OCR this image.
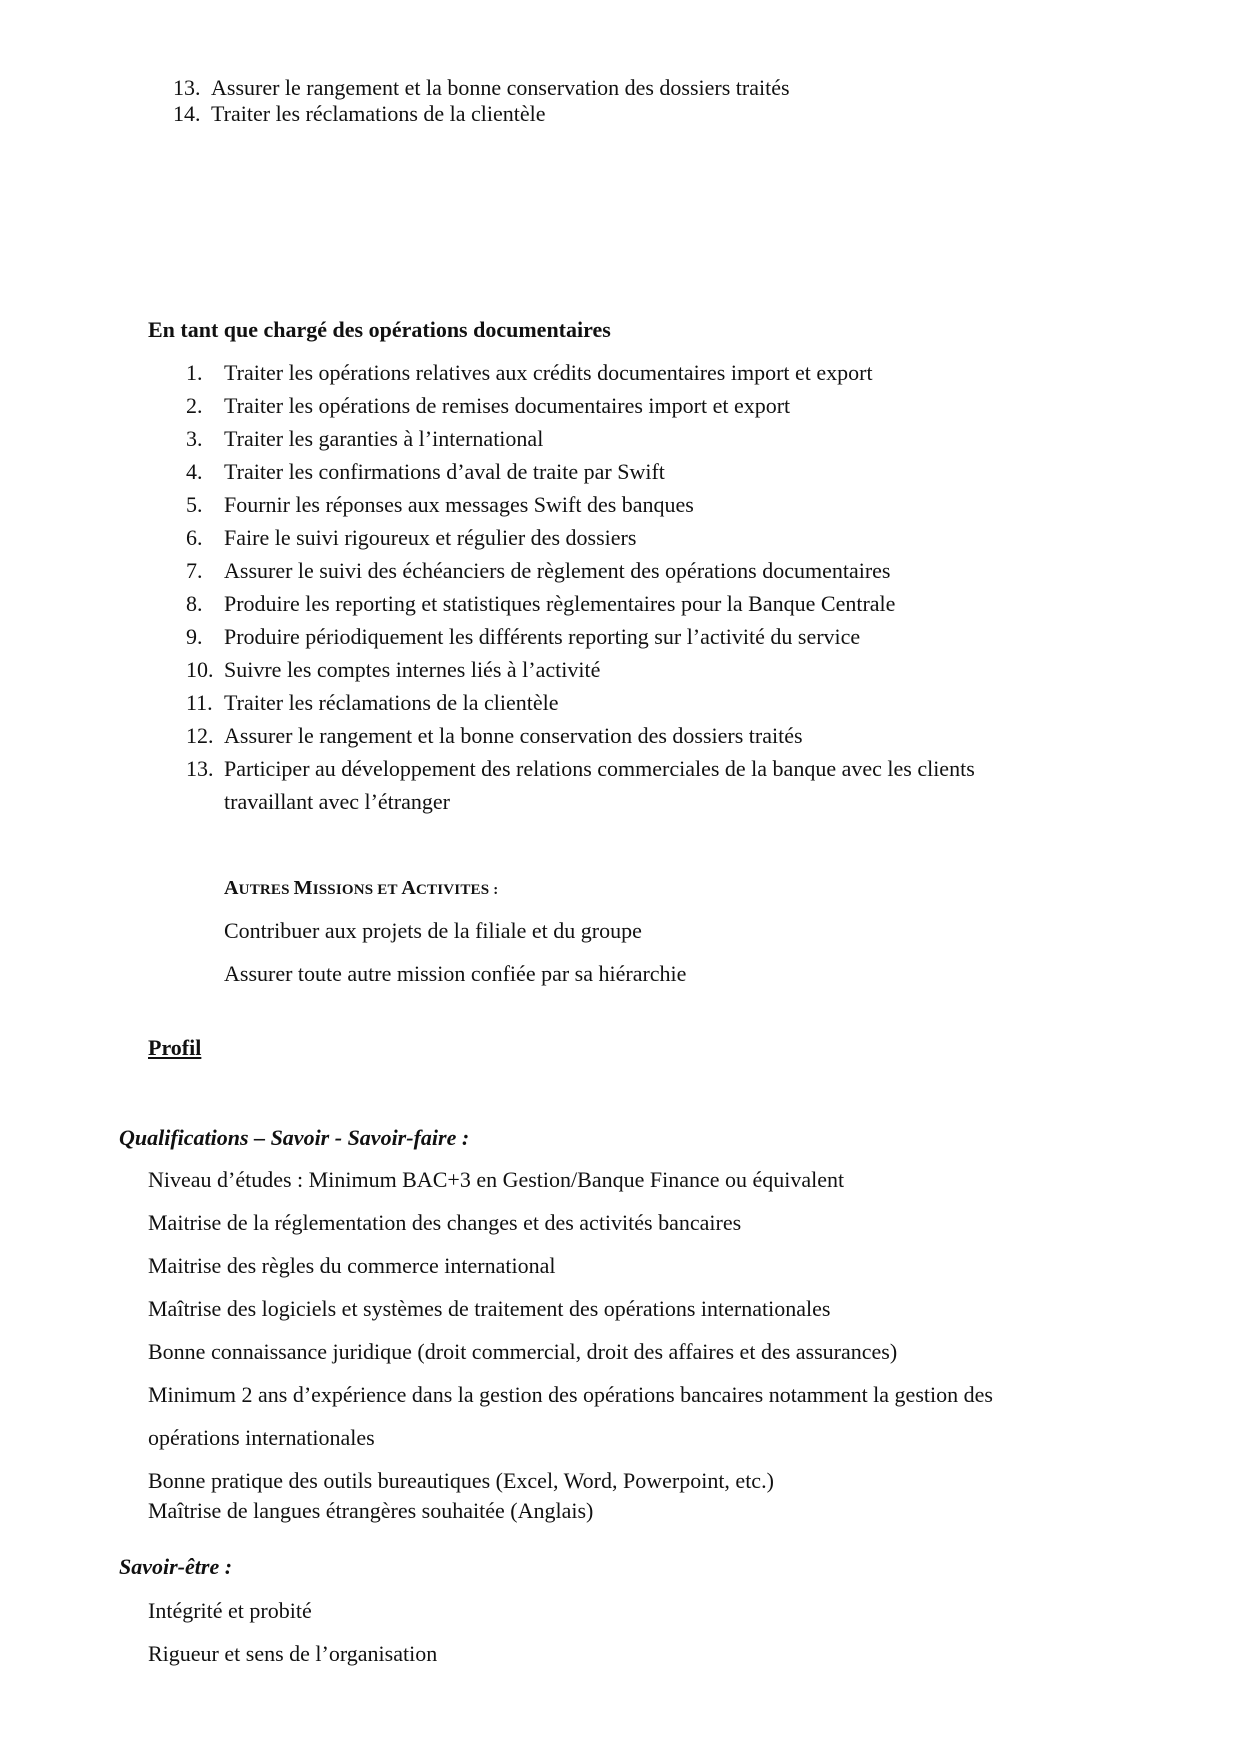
13. Assurer le rangement et la bonne conservation des dossiers traités
14. Traiter les réclamations de la clientèle
En tant que chargé des opérations documentaires
1. Traiter les opérations relatives aux crédits documentaires import et export
2. Traiter les opérations de remises documentaires import et export
3. Traiter les garanties à l’international
4. Traiter les confirmations d’aval de traite par Swift
5. Fournir les réponses aux messages Swift des banques
6. Faire le suivi rigoureux et régulier des dossiers
7. Assurer le suivi des échéanciers de règlement des opérations documentaires
8. Produire les reporting et statistiques règlementaires pour la Banque Centrale
9. Produire périodiquement les différents reporting sur l’activité du service
10. Suivre les comptes internes liés à l’activité
11. Traiter les réclamations de la clientèle
12. Assurer le rangement et la bonne conservation des dossiers traités
13. Participer au développement des relations commerciales de la banque avec les clients
travaillant avec l’étranger
AUTRES MISSIONS ET ACTIVITES :
Contribuer aux projets de la filiale et du groupe
Assurer toute autre mission confiée par sa hiérarchie
Profil
Qualifications – Savoir - Savoir-faire :
Niveau d’études : Minimum BAC+3 en Gestion/Banque Finance ou équivalent
Maitrise de la réglementation des changes et des activités bancaires
Maitrise des règles du commerce international
Maîtrise des logiciels et systèmes de traitement des opérations internationales
Bonne connaissance juridique (droit commercial, droit des affaires et des assurances)
Minimum 2 ans d’expérience dans la gestion des opérations bancaires notamment la gestion des
opérations internationales
Bonne pratique des outils bureautiques (Excel, Word, Powerpoint, etc.)
Maîtrise de langues étrangères souhaitée (Anglais)
Savoir-être :
Intégrité et probité
Rigueur et sens de l’organisation
